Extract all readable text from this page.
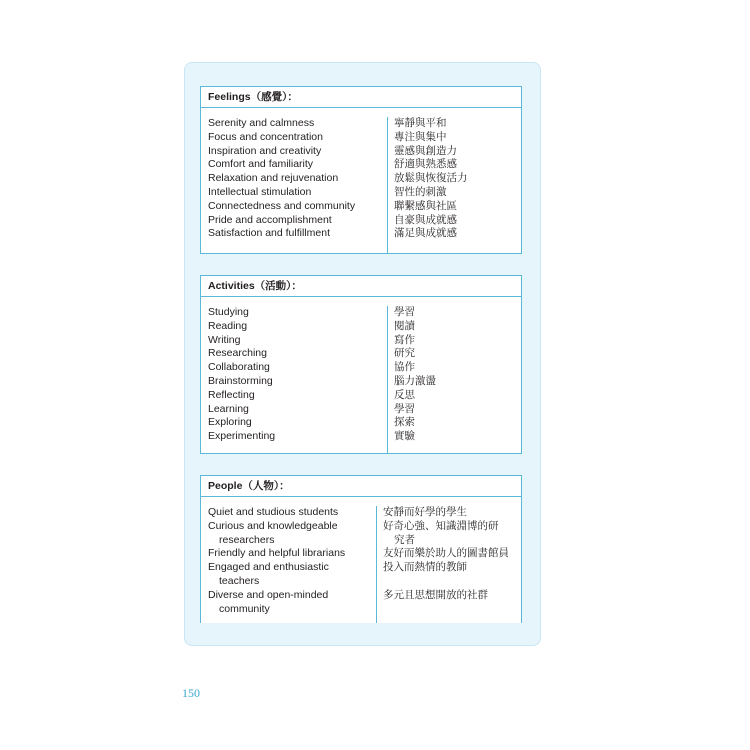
Feelings（感覺）：
Serenity and calmness
Focus and concentration
Inspiration and creativity
Comfort and familiarity
Relaxation and rejuvenation
Intellectual stimulation
Connectedness and community
Pride and accomplishment
Satisfaction and fulfillment
寧靜與平和
專注與集中
靈感與創造力
舒適與熟悉感
放鬆與恢復活力
智性的刺激
聯繫感與社區
自豪與成就感
滿足與成就感
Activities（活動）：
Studying
Reading
Writing
Researching
Collaborating
Brainstorming
Reflecting
Learning
Exploring
Experimenting
學習
閱讀
寫作
研究
協作
腦力激盪
反思
學習
探索
實驗
People（人物）：
Quiet and studious students
Curious and knowledgeable
researchers
Friendly and helpful librarians
Engaged and enthusiastic
teachers
Diverse and open-minded
community
安靜而好學的學生
好奇心強、知識淵博的研
究者
友好而樂於助人的圖書館員
投入而熱情的教師
多元且思想開放的社群
150
